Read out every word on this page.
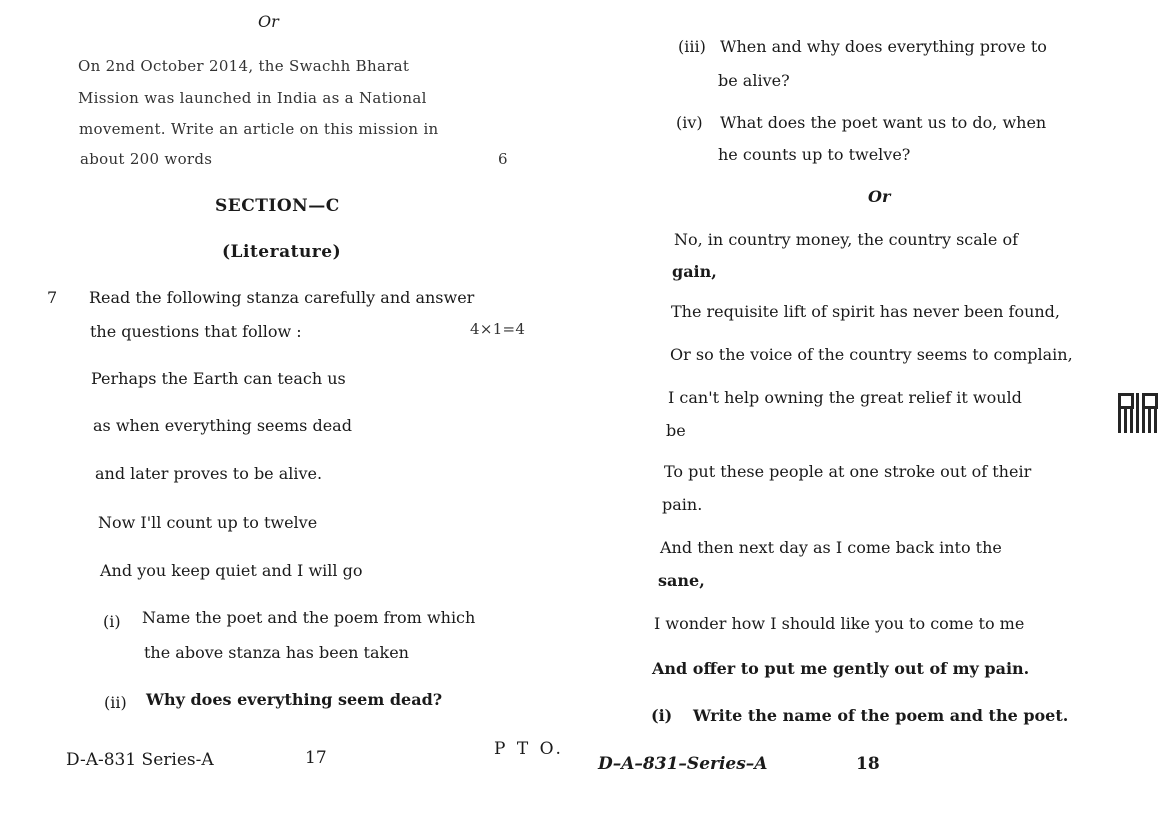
Or
On 2nd October 2014, the Swachh Bharat
Mission was launched in India as a National
movement. Write an article on this mission in
about 200 words	6
SECTION—C
(Literature)
7 Read the following stanza carefully and answer
the questions that follow :	4×1=4
Perhaps the Earth can teach us
as when everything seems dead
and later proves to be alive.
Now I'll count up to twelve
And you keep quiet and I will go
(i) Name the poet and the poem from which
the above stanza has been taken
(ii) Why does everything seem dead?
D-A-831 Series-A	17	P T O.
(iii) When and why does everything prove to
be alive?
(iv) What does the poet want us to do, when
he counts up to twelve?
Or
No, in country money, the country scale of
gain,
The requisite lift of spirit has never been found,
Or so the voice of the country seems to complain,
I can't help owning the great relief it would
be
To put these people at one stroke out of their
pain.
And then next day as I come back into the
sane,
I wonder how I should like you to come to me
And offer to put me gently out of my pain.
(i) Write the name of the poem and the poet.
D–A–831–Series–A	18
